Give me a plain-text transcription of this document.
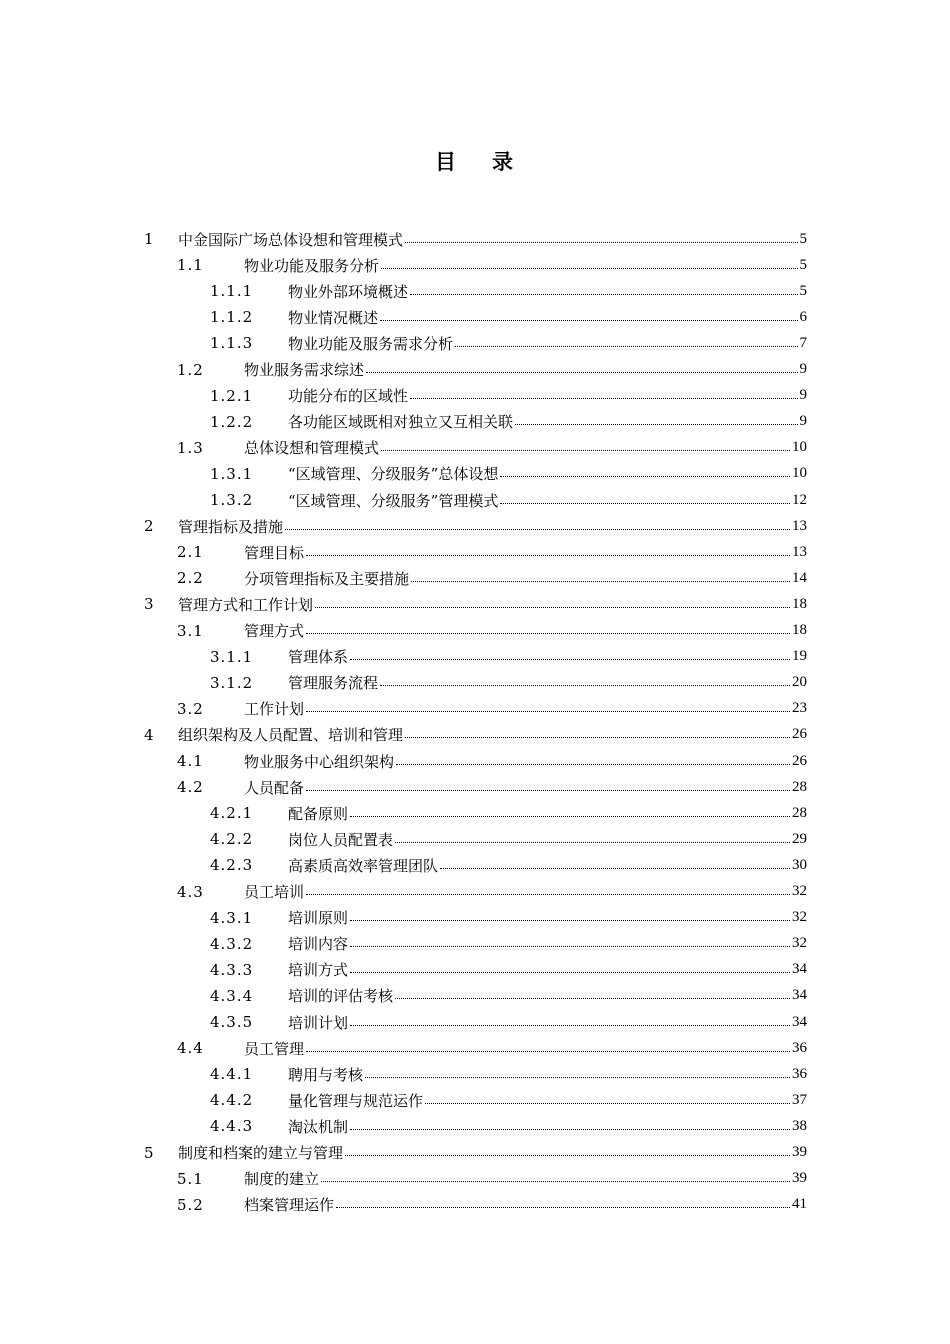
目 录
1	中金国际广场总体设想和管理模式	5
1.1	物业功能及服务分析	5
1.1.1	物业外部环境概述	5
1.1.2	物业情况概述	6
1.1.3	物业功能及服务需求分析	7
1.2	物业服务需求综述	9
1.2.1	功能分布的区域性	9
1.2.2	各功能区域既相对独立又互相关联	9
1.3	总体设想和管理模式	10
1.3.1	“区域管理、分级服务”总体设想	10
1.3.2	“区域管理、分级服务”管理模式	12
2	管理指标及措施	13
2.1	管理目标	13
2.2	分项管理指标及主要措施	14
3	管理方式和工作计划	18
3.1	管理方式	18
3.1.1	管理体系	19
3.1.2	管理服务流程	20
3.2	工作计划	23
4	组织架构及人员配置、培训和管理	26
4.1	物业服务中心组织架构	26
4.2	人员配备	28
4.2.1	配备原则	28
4.2.2	岗位人员配置表	29
4.2.3	高素质高效率管理团队	30
4.3	员工培训	32
4.3.1	培训原则	32
4.3.2	培训内容	32
4.3.3	培训方式	34
4.3.4	培训的评估考核	34
4.3.5	培训计划	34
4.4	员工管理	36
4.4.1	聘用与考核	36
4.4.2	量化管理与规范运作	37
4.4.3	淘汰机制	38
5	制度和档案的建立与管理	39
5.1	制度的建立	39
5.2	档案管理运作	41
